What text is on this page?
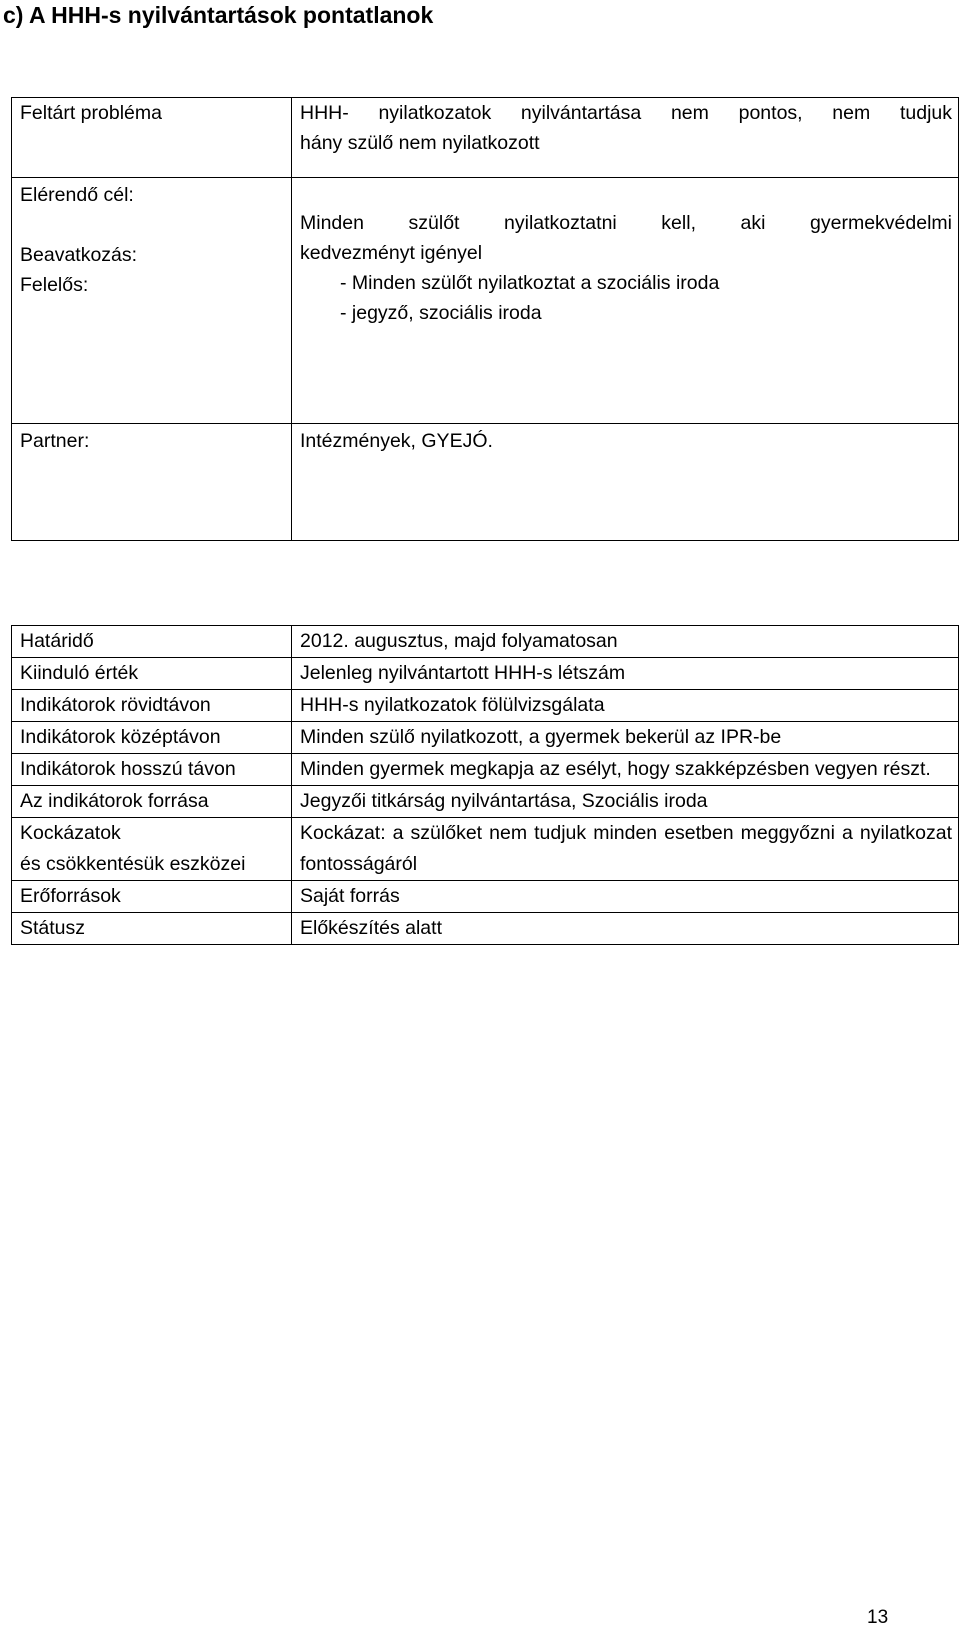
c) A HHH-s nyilvántartások pontatlanok
Feltárt probléma	HHH- nyilatkozatok nyilvántartása nem pontos, nem tudjuk
hány szülő nem nyilatkozott

Elérendő cél:
Beavatkozás:
Felelős:	Minden szülőt nyilatkoztatni kell, aki gyermekvédelmi
kedvezményt igényel
- Minden szülőt nyilatkoztat a szociális iroda
- jegyző, szociális iroda

Partner:	Intézmények, GYEJÓ.
Határidő	2012. augusztus, majd folyamatosan
Kiinduló érték	Jelenleg nyilvántartott HHH-s létszám
Indikátorok rövidtávon	HHH-s nyilatkozatok fölülvizsgálata
Indikátorok középtávon	Minden szülő nyilatkozott, a gyermek bekerül az IPR-be
Indikátorok hosszú távon	Minden gyermek megkapja az esélyt, hogy szakképzésben vegyen részt.
Az indikátorok forrása	Jegyzői titkárság nyilvántartása, Szociális iroda

Kockázatok
és csökkentésük eszközei	Kockázat: a szülőket nem tudjuk minden esetben meggyőzni a nyilatkozat fontosságáról
Erőforrások	Saját forrás
Státusz	Előkészítés alatt
13
